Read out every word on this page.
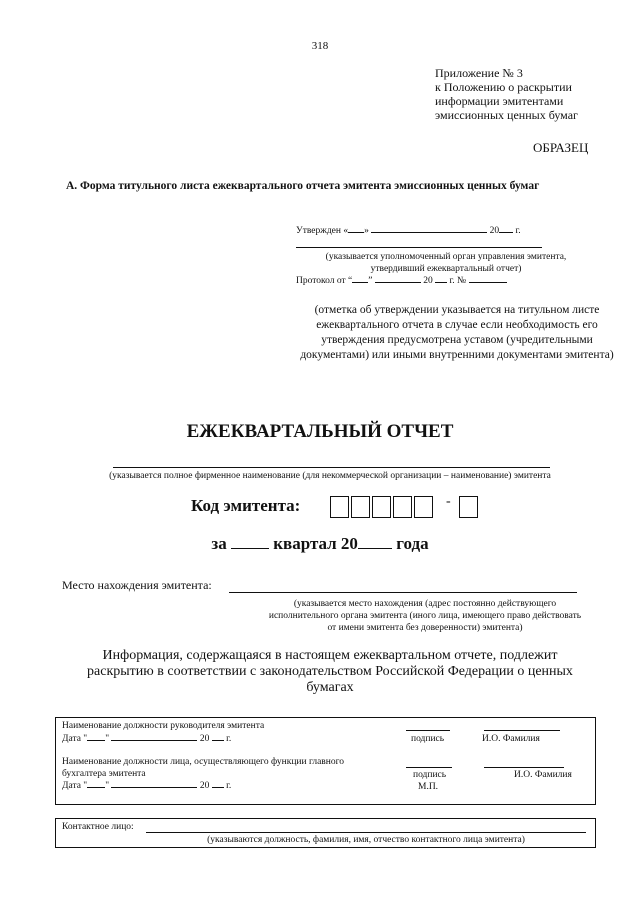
318
Приложение № 3
к Положению о раскрытии
информации эмитентами
эмиссионных ценных бумаг
ОБРАЗЕЦ
А. Форма титульного листа ежеквартального отчета эмитента эмиссионных ценных бумаг
Утвержден « »	20 г.
(указывается уполномоченный орган управления эмитента,
утвердивший ежеквартальный отчет)
Протокол от “ ”	20 г. №
(отметка об утверждении указывается на титульном листе ежеквартального отчета в случае если необходимость его утверждения предусмотрена уставом (учредительными документами) или иными внутренними документами эмитента)
ЕЖЕКВАРТАЛЬНЫЙ ОТЧЕТ
(указывается полное фирменное наименование (для некоммерческой организации – наименование) эмитента
Код эмитента:	-
за	квартал 20 года
Место нахождения эмитента:
(указывается место нахождения (адрес постоянно действующего
исполнительного органа эмитента (иного лица, имеющего право действовать
от имени эмитента без доверенности) эмитента)
Информация, содержащаяся в настоящем ежеквартальном отчете, подлежит раскрытию в соответствии с законодательством Российской Федерации о ценных бумагах
Наименование должности руководителя эмитента
Дата " "	20 г.	подпись	И.О. Фамилия
Наименование должности лица, осуществляющего функции главного
бухгалтера эмитента
Дата " "	20 г.
подпись	И.О. Фамилия
М.П.
Контактное лицо:
(указываются должность, фамилия, имя, отчество контактного лица эмитента)
